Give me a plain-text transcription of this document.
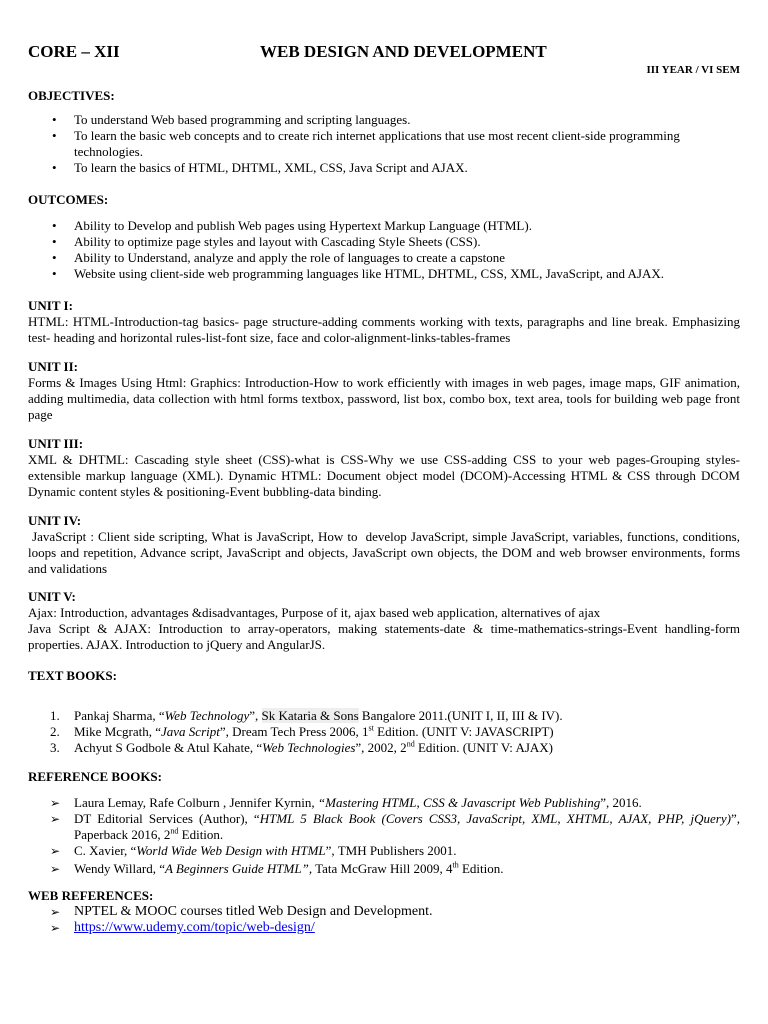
CORE – XII	WEB DESIGN AND DEVELOPMENT
III YEAR / VI SEM

OBJECTIVES:

• To understand Web based programming and scripting languages.
• To learn the basic web concepts and to create rich internet applications that use most recent client-side programming technologies.
• To learn the basics of HTML, DHTML, XML, CSS, Java Script and AJAX.

OUTCOMES:

• Ability to Develop and publish Web pages using Hypertext Markup Language (HTML).
• Ability to optimize page styles and layout with Cascading Style Sheets (CSS).
• Ability to Understand, analyze and apply the role of languages to create a capstone
• Website using client-side web programming languages like HTML, DHTML, CSS, XML, JavaScript, and AJAX.

UNIT I:

HTML: HTML-Introduction-tag basics- page structure-adding comments working with texts, paragraphs and line break. Emphasizing test- heading and horizontal rules-list-font size, face and color-alignment-links-tables-frames

UNIT II:

Forms & Images Using Html: Graphics: Introduction-How to work efficiently with images in web pages, image maps, GIF animation, adding multimedia, data collection with html forms textbox, password, list box, combo box, text area, tools for building web page front page

UNIT III:

XML & DHTML: Cascading style sheet (CSS)-what is CSS-Why we use CSS-adding CSS to your web pages-Grouping styles-extensible markup language (XML). Dynamic HTML: Document object model (DCOM)-Accessing HTML & CSS through DCOM Dynamic content styles & positioning-Event bubbling-data binding.

UNIT IV:

JavaScript : Client side scripting, What is JavaScript, How to  develop JavaScript, simple JavaScript, variables, functions, conditions, loops and repetition, Advance script, JavaScript and objects, JavaScript own objects, the DOM and web browser environments, forms and validations

UNIT V:

Ajax: Introduction, advantages &disadvantages, Purpose of it, ajax based web application, alternatives of ajax

Java Script & AJAX: Introduction to array-operators, making statements-date & time-mathematics-strings-Event handling-form properties. AJAX. Introduction to jQuery and AngularJS.

TEXT BOOKS:

1. Pankaj Sharma, “Web Technology”, Sk Kataria & Sons Bangalore 2011.(UNIT I, II, III & IV).
2. Mike Mcgrath, “Java Script”, Dream Tech Press 2006, 1st Edition. (UNIT V: JAVASCRIPT)
3. Achyut S Godbole & Atul Kahate, “Web Technologies”, 2002, 2nd Edition. (UNIT V: AJAX)

REFERENCE BOOKS:

➢ Laura Lemay, Rafe Colburn , Jennifer Kyrnin, “Mastering HTML, CSS & Javascript Web Publishing”, 2016.
➢ DT Editorial Services (Author), “HTML 5 Black Book (Covers CSS3, JavaScript, XML, XHTML, AJAX, PHP, jQuery)”, Paperback 2016, 2nd Edition.
➢ C. Xavier, “World Wide Web Design with HTML”, TMH Publishers 2001.
➢ Wendy Willard, “A Beginners Guide HTML”, Tata McGraw Hill 2009, 4th Edition.

WEB REFERENCES:

➢ NPTEL & MOOC courses titled Web Design and Development.
➢ https://www.udemy.com/topic/web-design/
